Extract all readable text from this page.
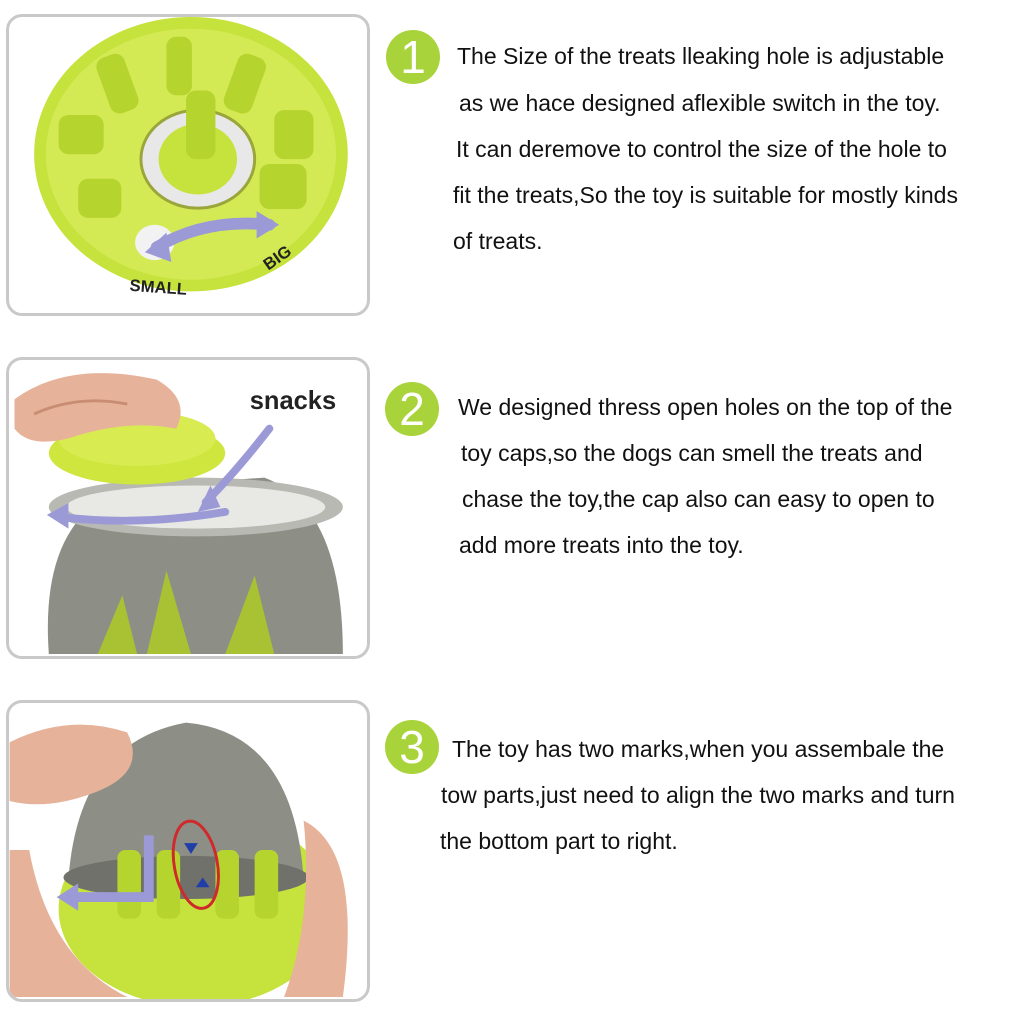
SMALL
BIG
1	The Size of the treats lleaking hole is adjustable
as we hace designed aflexible switch in the toy.
It can deremove to control the size of the hole to
fit the treats,So the toy is suitable for mostly kinds
of treats.
snacks	2	We designed thress open holes on the top of the
toy caps,so the dogs can smell the treats and
chase the toy,the cap also can easy to open to
add more treats into the toy.
3	The toy has two marks,when you assembale the
tow parts,just need to align the two marks and turn
the bottom part to right.
